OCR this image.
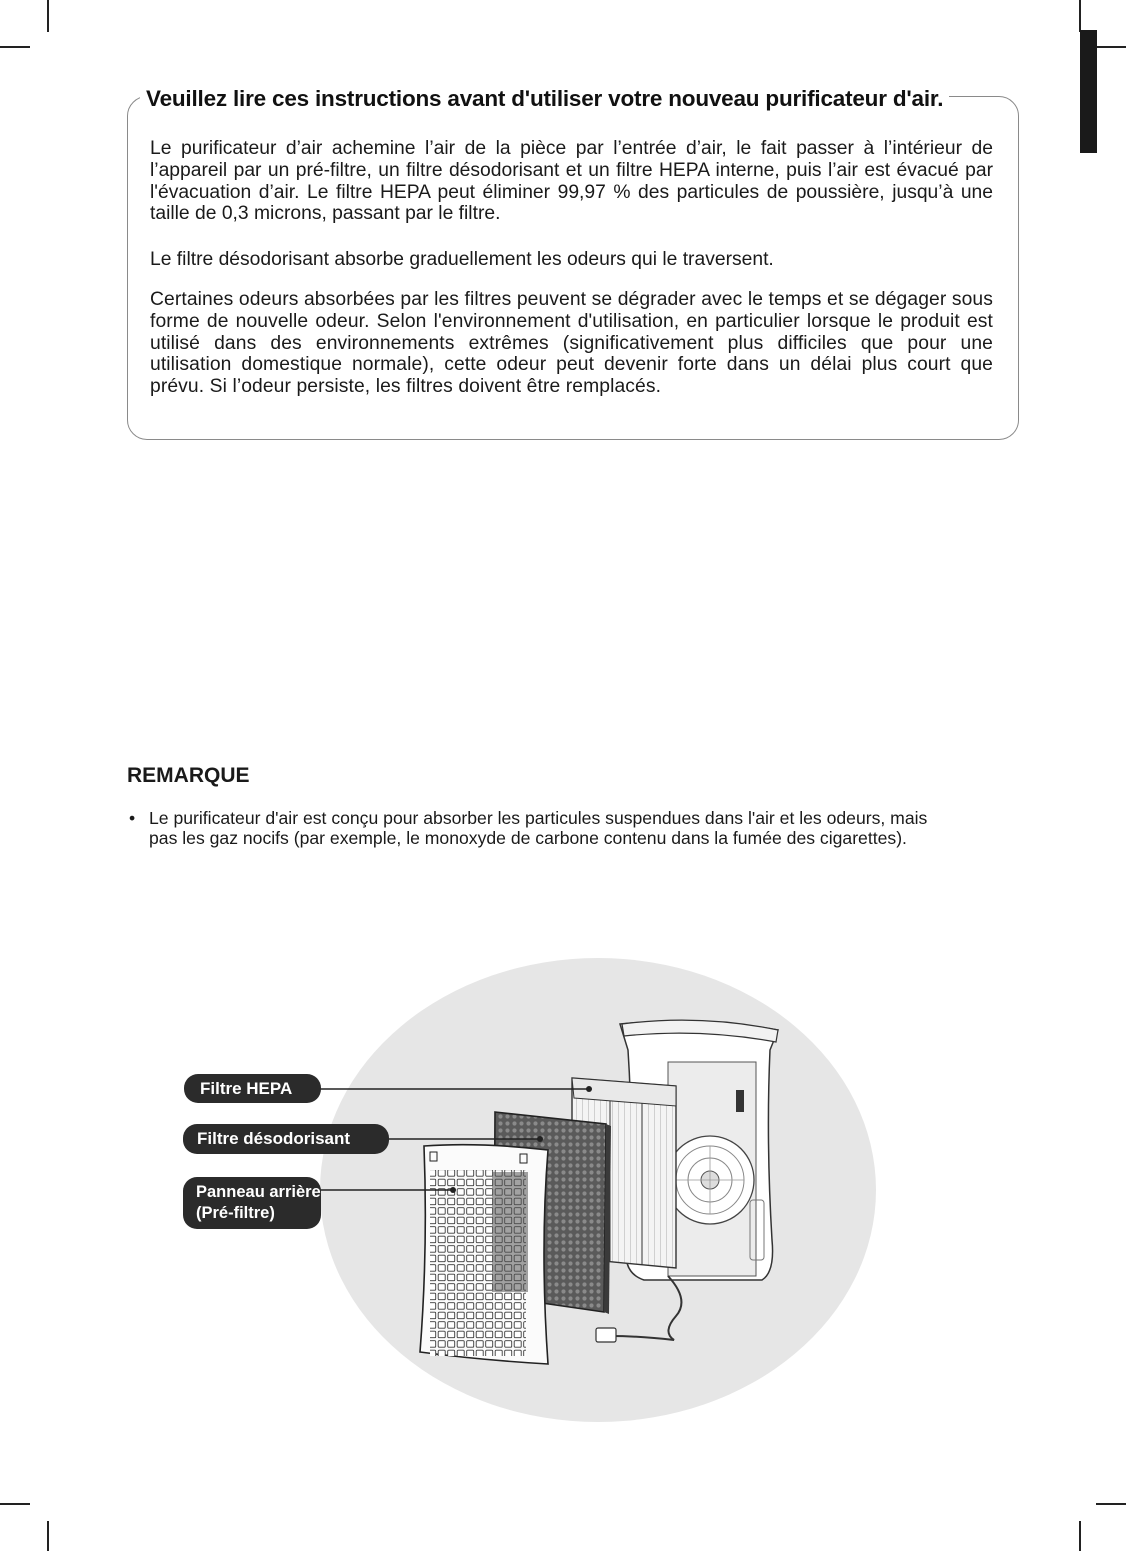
Veuillez lire ces instructions avant d'utiliser votre nouveau purificateur d'air.

Le purificateur d’air achemine l’air de la pièce par l’entrée d’air, le fait passer à l’intérieur de l’appareil par un pré-filtre, un filtre désodorisant et un filtre HEPA interne, puis l’air est évacué par l'évacuation d’air. Le filtre HEPA peut éliminer 99,97 % des particules de poussière, jusqu’à une taille de 0,3 microns, passant par le filtre.

Le filtre désodorisant absorbe graduellement les odeurs qui le traversent.

Certaines odeurs absorbées par les filtres peuvent se dégrader avec le temps et se dégager sous forme de nouvelle odeur. Selon l'environnement d'utilisation, en particulier lorsque le produit est utilisé dans des environnements extrêmes (significativement plus difficiles que pour une utilisation domestique normale), cette odeur peut devenir forte dans un délai plus court que prévu. Si l’odeur persiste, les filtres doivent être remplacés.

REMARQUE
• Le purificateur d'air est conçu pour absorber les particules suspendues dans l'air et les odeurs, mais pas les gaz nocifs (par exemple, le monoxyde de carbone contenu dans la fumée des cigarettes).
Filtre HEPA
Filtre désodorisant
Panneau arrière
(Pré-filtre)
